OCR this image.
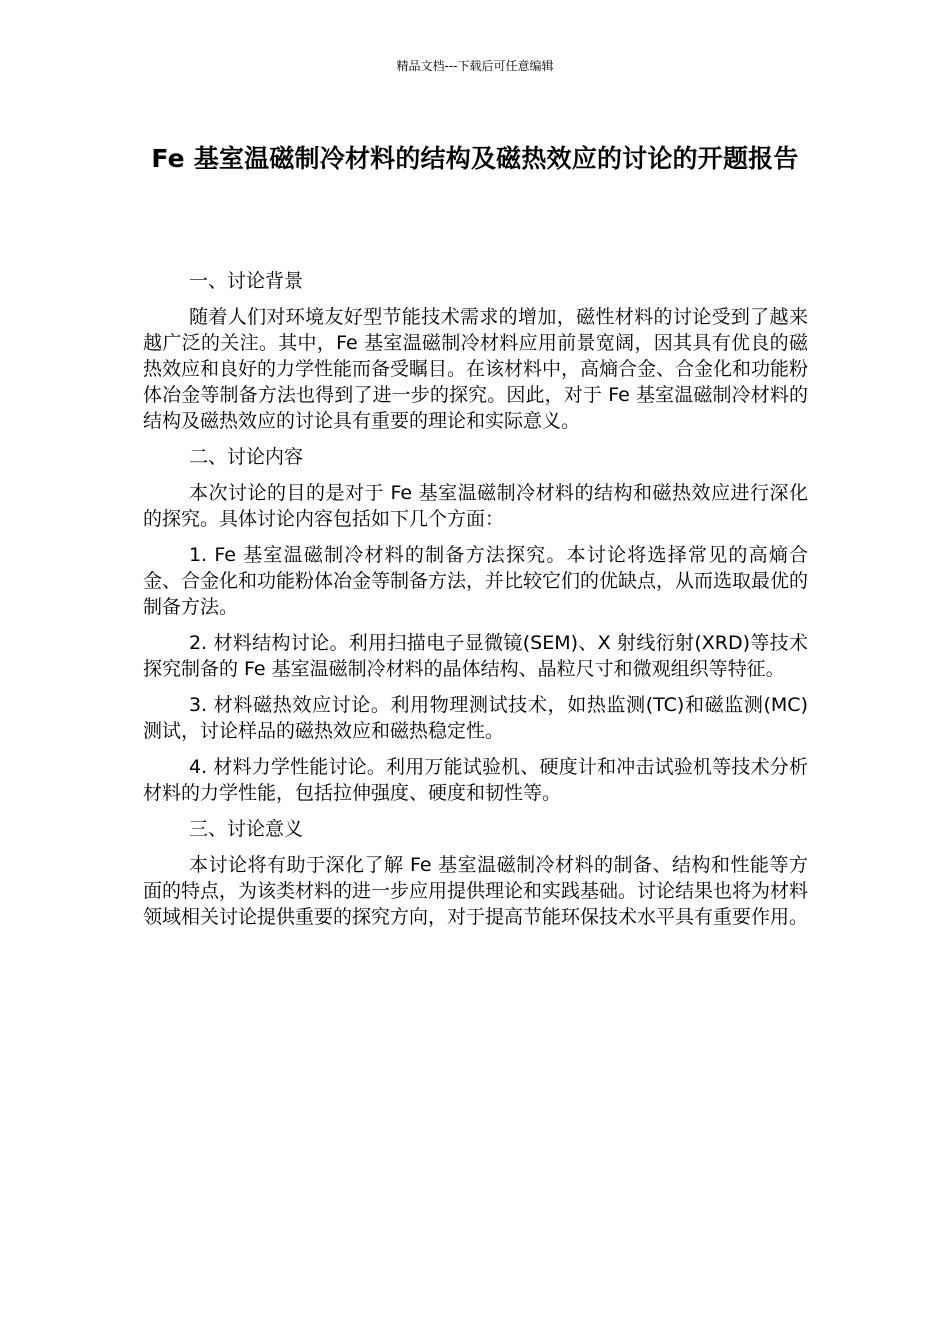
精品文档---下载后可任意编辑
Fe 基室温磁制冷材料的结构及磁热效应的讨论的开题报告

一、讨论背景

随着人们对环境友好型节能技术需求的增加，磁性材料的讨论受到了越来越广泛的关注。其中，Fe 基室温磁制冷材料应用前景宽阔，因其具有优良的磁热效应和良好的力学性能而备受瞩目。在该材料中，高熵合金、合金化和功能粉体冶金等制备方法也得到了进一步的探究。因此，对于 Fe 基室温磁制冷材料的结构及磁热效应的讨论具有重要的理论和实际意义。

二、讨论内容

本次讨论的目的是对于 Fe 基室温磁制冷材料的结构和磁热效应进行深化的探究。具体讨论内容包括如下几个方面：

1. Fe 基室温磁制冷材料的制备方法探究。本讨论将选择常见的高熵合金、合金化和功能粉体冶金等制备方法，并比较它们的优缺点，从而选取最优的制备方法。

2. 材料结构讨论。利用扫描电子显微镜(SEM)、X 射线衍射(XRD)等技术探究制备的 Fe 基室温磁制冷材料的晶体结构、晶粒尺寸和微观组织等特征。

3. 材料磁热效应讨论。利用物理测试技术，如热监测(TC)和磁监测(MC) 测试，讨论样品的磁热效应和磁热稳定性。

4. 材料力学性能讨论。利用万能试验机、硬度计和冲击试验机等技术分析材料的力学性能，包括拉伸强度、硬度和韧性等。

三、讨论意义

本讨论将有助于深化了解 Fe 基室温磁制冷材料的制备、结构和性能等方面的特点，为该类材料的进一步应用提供理论和实践基础。讨论结果也将为材料领域相关讨论提供重要的探究方向，对于提高节能环保技术水平具有重要作用。
